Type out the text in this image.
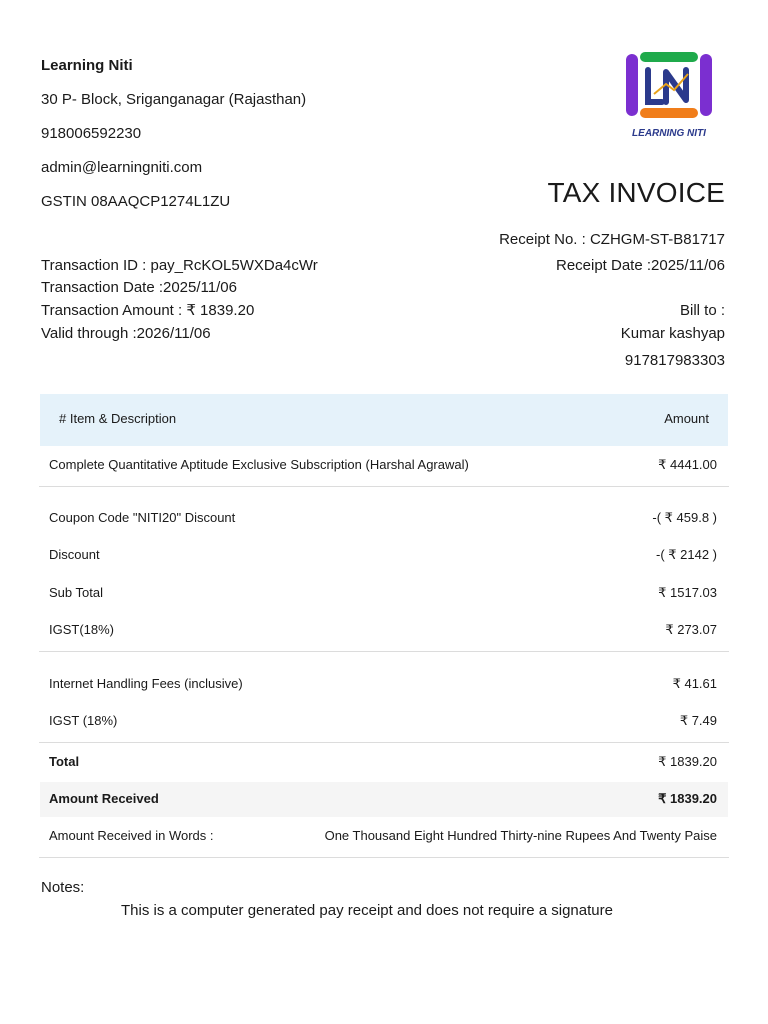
Learning Niti
30 P- Block, Sriganganagar (Rajasthan)
918006592230
admin@learningniti.com
GSTIN 08AAQCP1274L1ZU
LEARNING NITI
TAX INVOICE
Receipt No. : CZHGM-ST-B81717
Receipt Date :2025/11/06
Transaction ID : pay_RcKOL5WXDa4cWr
Transaction Date :2025/11/06
Transaction Amount : ₹ 1839.20
Valid through :2026/11/06
Bill to :
Kumar kashyap
917817983303
# Item & Description	Amount
Complete Quantitative Aptitude Exclusive Subscription (Harshal Agrawal)	₹ 4441.00
Coupon Code "NITI20" Discount	-( ₹ 459.8 )
Discount	-( ₹ 2142 )
Sub Total	₹ 1517.03
IGST(18%)	₹ 273.07
Internet Handling Fees (inclusive)	₹ 41.61
IGST (18%)	₹ 7.49
Total	₹ 1839.20
Amount Received	₹ 1839.20
Amount Received in Words :	One Thousand Eight Hundred Thirty-nine Rupees And Twenty Paise
Notes:
This is a computer generated pay receipt and does not require a signature
